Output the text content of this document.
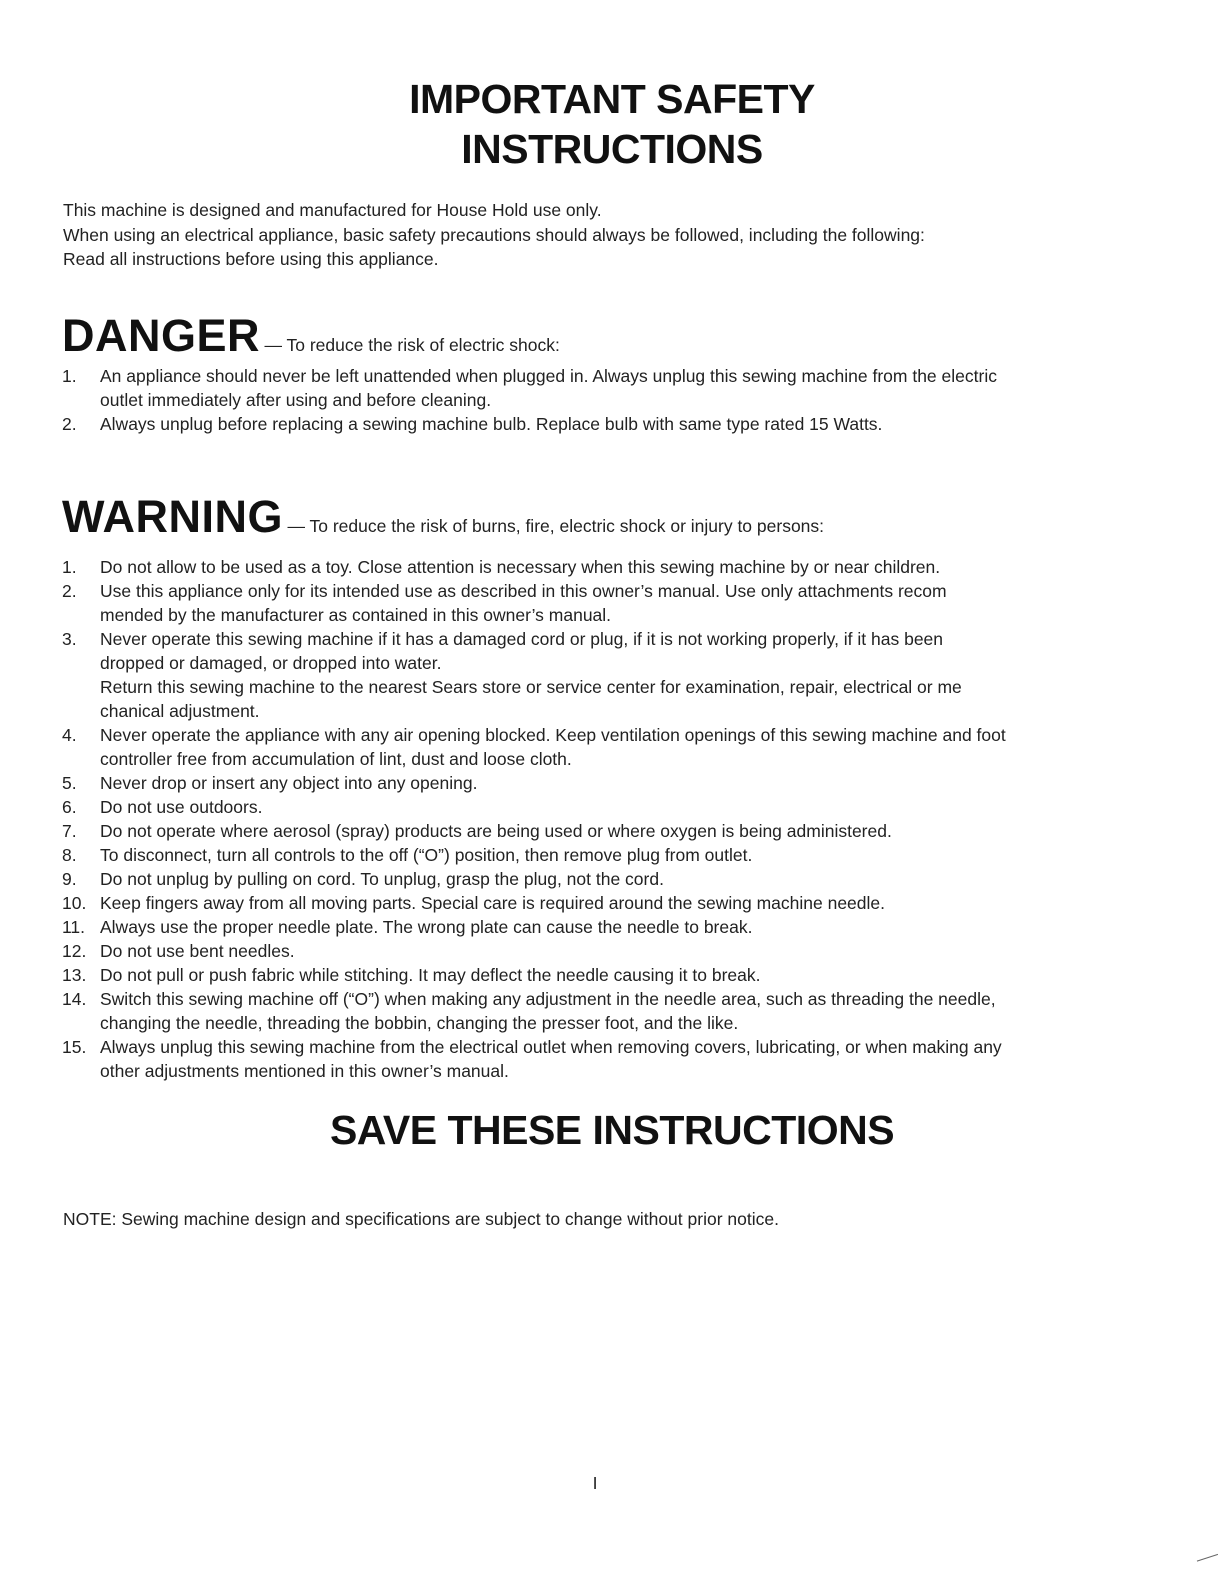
IMPORTANT SAFETY
INSTRUCTIONS
This machine is designed and manufactured for House Hold use only.
When using an electrical appliance, basic safety precautions should always be followed, including the following:
Read all instructions before using this appliance.
DANGER — To reduce the risk of electric shock:
1. An appliance should never be left unattended when plugged in. Always unplug this sewing machine from the electric
outlet immediately after using and before cleaning.
2. Always unplug before replacing a sewing machine bulb. Replace bulb with same type rated 15 Watts.
WARNING — To reduce the risk of burns, fire, electric shock or injury to persons:
1. Do not allow to be used as a toy. Close attention is necessary when this sewing machine by or near children.
2. Use this appliance only for its intended use as described in this owner’s manual. Use only attachments recom
mended by the manufacturer as contained in this owner’s manual.
3. Never operate this sewing machine if it has a damaged cord or plug, if it is not working properly, if it has been
dropped or damaged, or dropped into water.
Return this sewing machine to the nearest Sears store or service center for examination, repair, electrical or me
chanical adjustment.
4. Never operate the appliance with any air opening blocked. Keep ventilation openings of this sewing machine and foot
controller free from accumulation of lint, dust and loose cloth.
5. Never drop or insert any object into any opening.
6. Do not use outdoors.
7. Do not operate where aerosol (spray) products are being used or where oxygen is being administered.
8. To disconnect, turn all controls to the off (“O”) position, then remove plug from outlet.
9. Do not unplug by pulling on cord. To unplug, grasp the plug, not the cord.
10. Keep fingers away from all moving parts. Special care is required around the sewing machine needle.
11. Always use the proper needle plate. The wrong plate can cause the needle to break.
12. Do not use bent needles.
13. Do not pull or push fabric while stitching. It may deflect the needle causing it to break.
14. Switch this sewing machine off (“O”) when making any adjustment in the needle area, such as threading the needle,
changing the needle, threading the bobbin, changing the presser foot, and the like.
15. Always unplug this sewing machine from the electrical outlet when removing covers, lubricating, or when making any
other adjustments mentioned in this owner’s manual.
SAVE THESE INSTRUCTIONS
NOTE: Sewing machine design and specifications are subject to change without prior notice.
I
